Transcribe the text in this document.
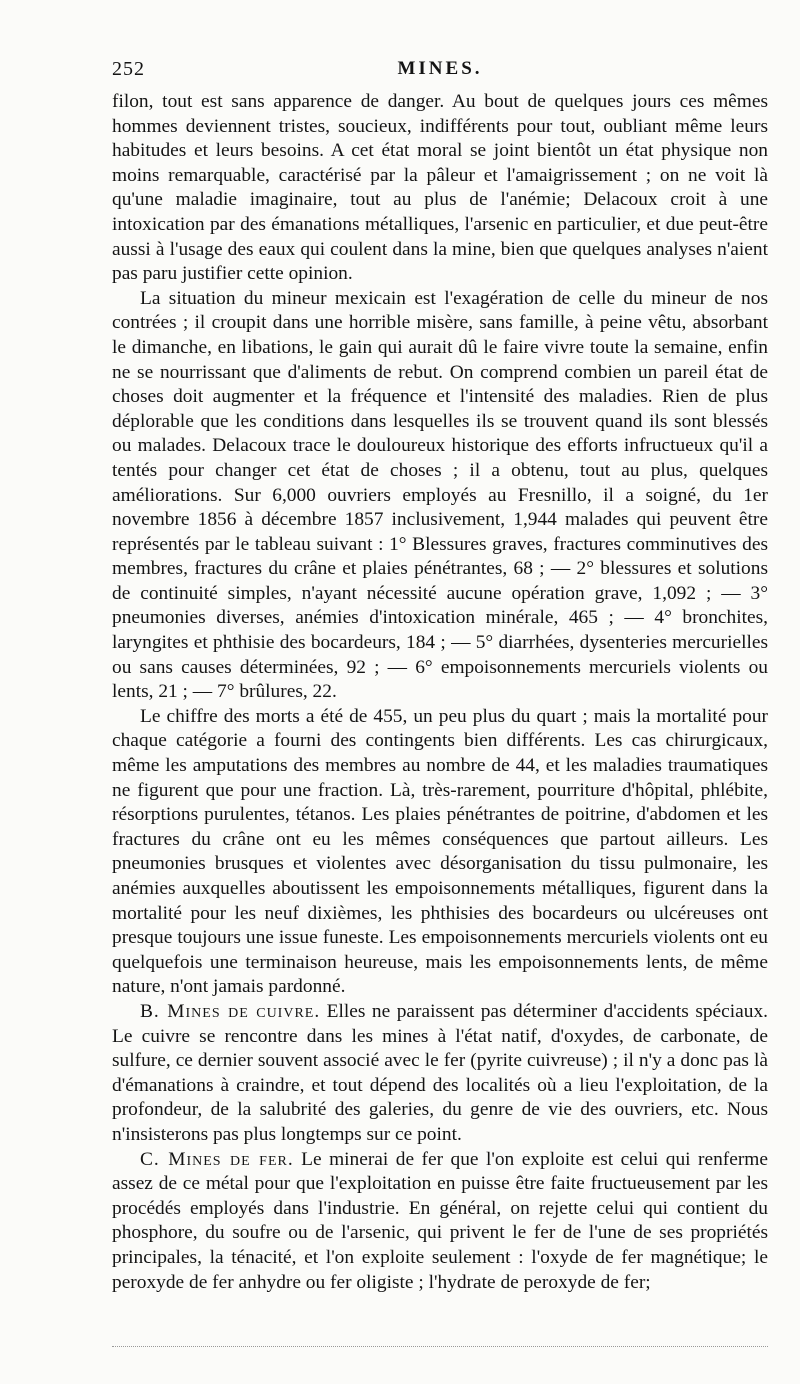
252	MINES.

filon, tout est sans apparence de danger. Au bout de quelques jours ces mêmes hommes deviennent tristes, soucieux, indifférents pour tout, oubliant même leurs habitudes et leurs besoins. A cet état moral se joint bientôt un état physique non moins remarquable, caractérisé par la pâleur et l'amaigrissement ; on ne voit là qu'une maladie imaginaire, tout au plus de l'anémie; Delacoux croit à une intoxication par des émanations métalliques, l'arsenic en particulier, et due peut-être aussi à l'usage des eaux qui coulent dans la mine, bien que quelques analyses n'aient pas paru justifier cette opinion.

La situation du mineur mexicain est l'exagération de celle du mineur de nos contrées ; il croupit dans une horrible misère, sans famille, à peine vêtu, absorbant le dimanche, en libations, le gain qui aurait dû le faire vivre toute la semaine, enfin ne se nourrissant que d'aliments de rebut. On comprend combien un pareil état de choses doit augmenter et la fréquence et l'intensité des maladies. Rien de plus déplorable que les conditions dans lesquelles ils se trouvent quand ils sont blessés ou malades. Delacoux trace le douloureux historique des efforts infructueux qu'il a tentés pour changer cet état de choses ; il a obtenu, tout au plus, quelques améliorations. Sur 6,000 ouvriers employés au Fresnillo, il a soigné, du 1er novembre 1856 à décembre 1857 inclusivement, 1,944 malades qui peuvent être représentés par le tableau suivant : 1° Blessures graves, fractures comminutives des membres, fractures du crâne et plaies pénétrantes, 68 ; — 2° blessures et solutions de continuité simples, n'ayant nécessité aucune opération grave, 1,092 ; — 3° pneumonies diverses, anémies d'intoxication minérale, 465 ; — 4° bronchites, laryngites et phthisie des bocardeurs, 184 ; — 5° diarrhées, dysenteries mercurielles ou sans causes déterminées, 92 ; — 6° empoisonnements mercuriels violents ou lents, 21 ; — 7° brûlures, 22.

Le chiffre des morts a été de 455, un peu plus du quart ; mais la mortalité pour chaque catégorie a fourni des contingents bien différents. Les cas chirurgicaux, même les amputations des membres au nombre de 44, et les maladies traumatiques ne figurent que pour une fraction. Là, très-rarement, pourriture d'hôpital, phlébite, résorptions purulentes, tétanos. Les plaies pénétrantes de poitrine, d'abdomen et les fractures du crâne ont eu les mêmes conséquences que partout ailleurs. Les pneumonies brusques et violentes avec désorganisation du tissu pulmonaire, les anémies auxquelles aboutissent les empoisonnements métalliques, figurent dans la mortalité pour les neuf dixièmes, les phthisies des bocardeurs ou ulcéreuses ont presque toujours une issue funeste. Les empoisonnements mercuriels violents ont eu quelquefois une terminaison heureuse, mais les empoisonnements lents, de même nature, n'ont jamais pardonné.

B. Mines de cuivre. Elles ne paraissent pas déterminer d'accidents spéciaux. Le cuivre se rencontre dans les mines à l'état natif, d'oxydes, de carbonate, de sulfure, ce dernier souvent associé avec le fer (pyrite cuivreuse) ; il n'y a donc pas là d'émanations à craindre, et tout dépend des localités où a lieu l'exploitation, de la profondeur, de la salubrité des galeries, du genre de vie des ouvriers, etc. Nous n'insisterons pas plus longtemps sur ce point.

C. Mines de fer. Le minerai de fer que l'on exploite est celui qui renferme assez de ce métal pour que l'exploitation en puisse être faite fructueusement par les procédés employés dans l'industrie. En général, on rejette celui qui contient du phosphore, du soufre ou de l'arsenic, qui privent le fer de l'une de ses propriétés principales, la ténacité, et l'on exploite seulement : l'oxyde de fer magnétique; le peroxyde de fer anhydre ou fer oligiste ; l'hydrate de peroxyde de fer;
